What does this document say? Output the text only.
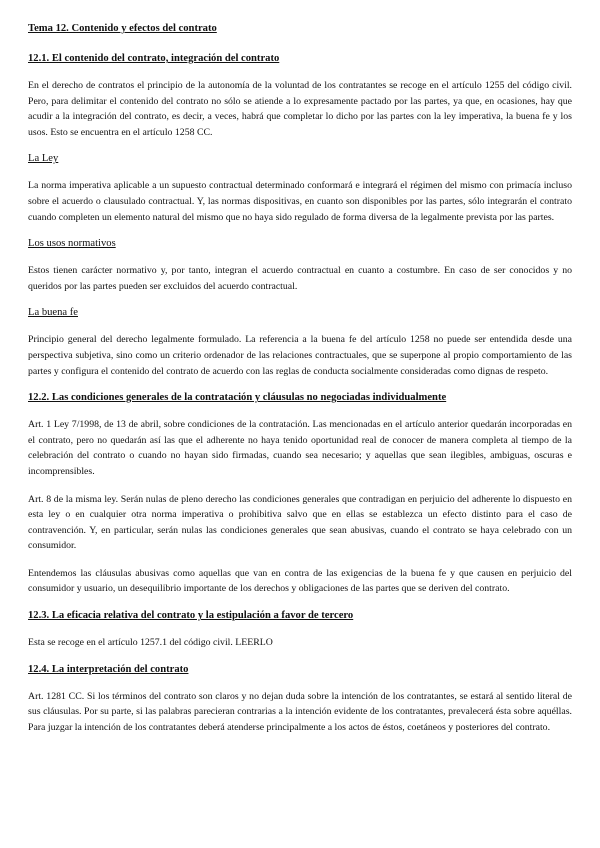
Tema 12. Contenido y efectos del contrato
12.1. El contenido del contrato, integración del contrato

En el derecho de contratos el principio de la autonomía de la voluntad de los contratantes se recoge en el artículo 1255 del código civil. Pero, para delimitar el contenido del contrato no sólo se atiende a lo expresamente pactado por las partes, ya que, en ocasiones, hay que acudir a la integración del contrato, es decir, a veces, habrá que completar lo dicho por las partes con la ley imperativa, la buena fe y los usos. Esto se encuentra en el artículo 1258 CC.

La Ley

La norma imperativa aplicable a un supuesto contractual determinado conformará e integrará el régimen del mismo con primacía incluso sobre el acuerdo o clausulado contractual. Y, las normas dispositivas, en cuanto son disponibles por las partes, sólo integrarán el contrato cuando completen un elemento natural del mismo que no haya sido regulado de forma diversa de la legalmente prevista por las partes.

Los usos normativos

Estos tienen carácter normativo y, por tanto, integran el acuerdo contractual en cuanto a costumbre. En caso de ser conocidos y no queridos por las partes pueden ser excluidos del acuerdo contractual.

La buena fe

Principio general del derecho legalmente formulado. La referencia a la buena fe del artículo 1258 no puede ser entendida desde una perspectiva subjetiva, sino como un criterio ordenador de las relaciones contractuales, que se superpone al propio comportamiento de las partes y configura el contenido del contrato de acuerdo con las reglas de conducta socialmente consideradas como dignas de respeto.

12.2. Las condiciones generales de la contratación y cláusulas no negociadas individualmente

Art. 1 Ley 7/1998, de 13 de abril, sobre condiciones de la contratación. Las mencionadas en el artículo anterior quedarán incorporadas en el contrato, pero no quedarán así las que el adherente no haya tenido oportunidad real de conocer de manera completa al tiempo de la celebración del contrato o cuando no hayan sido firmadas, cuando sea necesario; y aquellas que sean ilegibles, ambiguas, oscuras e incomprensibles.

Art. 8 de la misma ley. Serán nulas de pleno derecho las condiciones generales que contradigan en perjuicio del adherente lo dispuesto en esta ley o en cualquier otra norma imperativa o prohibitiva salvo que en ellas se establezca un efecto distinto para el caso de contravención. Y, en particular, serán nulas las condiciones generales que sean abusivas, cuando el contrato se haya celebrado con un consumidor.

Entendemos las cláusulas abusivas como aquellas que van en contra de las exigencias de la buena fe y que causen en perjuicio del consumidor y usuario, un desequilibrio importante de los derechos y obligaciones de las partes que se deriven del contrato.

12.3. La eficacia relativa del contrato y la estipulación a favor de tercero

Esta se recoge en el artículo 1257.1 del código civil. LEERLO

12.4. La interpretación del contrato

Art. 1281 CC. Si los términos del contrato son claros y no dejan duda sobre la intención de los contratantes, se estará al sentido literal de sus cláusulas. Por su parte, si las palabras parecieran contrarias a la intención evidente de los contratantes, prevalecerá ésta sobre aquéllas. Para juzgar la intención de los contratantes deberá atenderse principalmente a los actos de éstos, coetáneos y posteriores del contrato.
